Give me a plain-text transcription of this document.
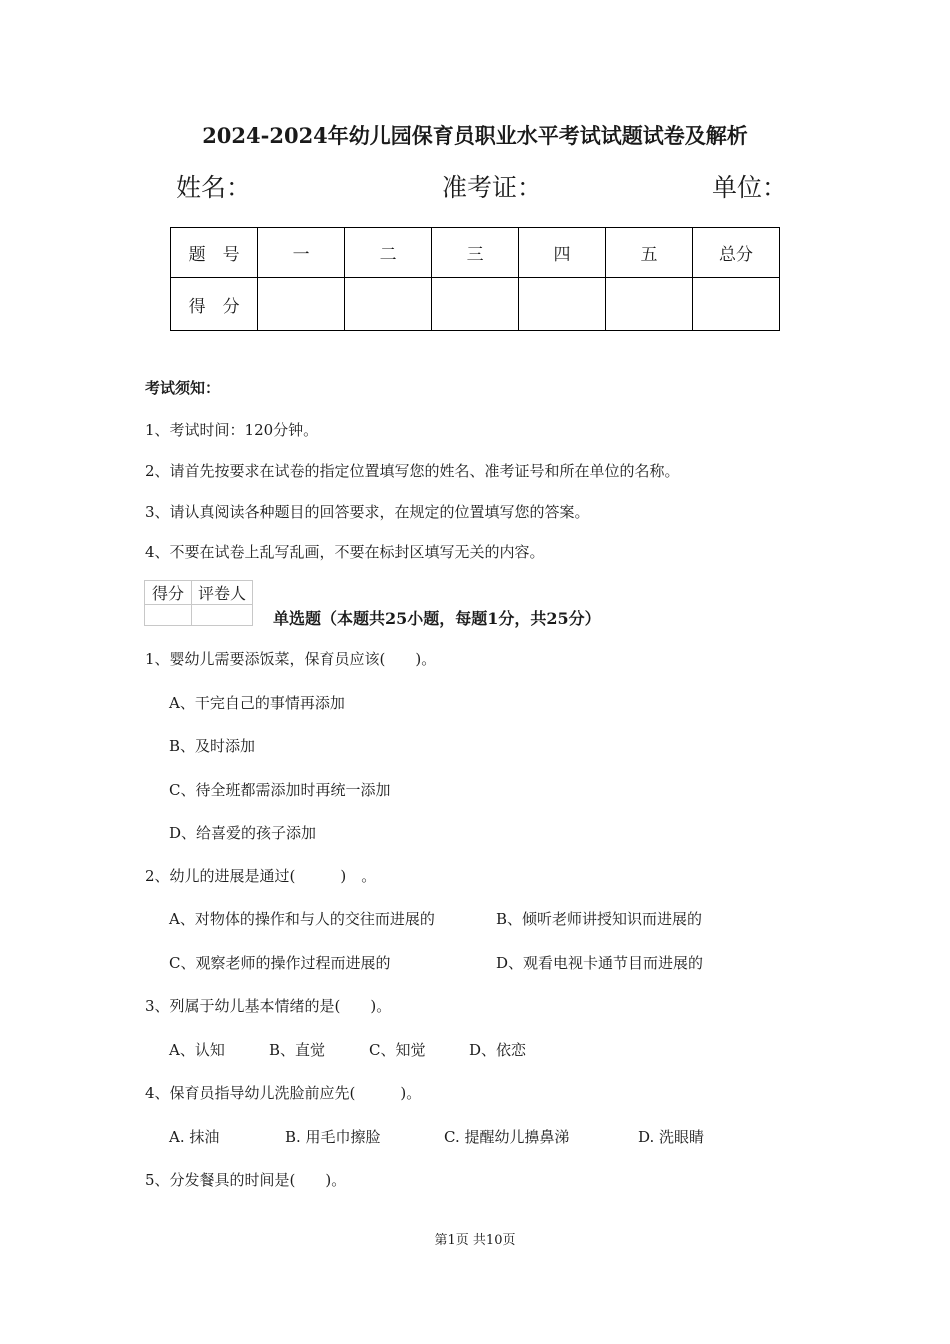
2024-2024年幼儿园保育员职业水平考试试题试卷及解析
姓名：	准考证：	单位：
题　号	一	二	三	四	五	总分
得　分						
考试须知：
1、考试时间：120分钟。
2、请首先按要求在试卷的指定位置填写您的姓名、准考证号和所在单位的名称。
3、请认真阅读各种题目的回答要求，在规定的位置填写您的答案。
4、不要在试卷上乱写乱画，不要在标封区填写无关的内容。
得分	评卷人

单选题（本题共25小题，每题1分，共25分）
1、婴幼儿需要添饭菜，保育员应该(　　)。
A、干完自己的事情再添加
B、及时添加
C、待全班都需添加时再统一添加
D、给喜爱的孩子添加
2、幼儿的进展是通过(　　　)　。
A、对物体的操作和与人的交往而进展的	B、倾听老师讲授知识而进展的
C、观察老师的操作过程而进展的	D、观看电视卡通节目而进展的
3、列属于幼儿基本情绪的是(　　)。
A、认知	B、直觉	C、知觉	D、依恋
4、保育员指导幼儿洗脸前应先(　　　)。
A. 抹油	B. 用毛巾擦脸	C. 提醒幼儿擤鼻涕	D. 洗眼睛
5、分发餐具的时间是(　　)。
第1页 共10页
